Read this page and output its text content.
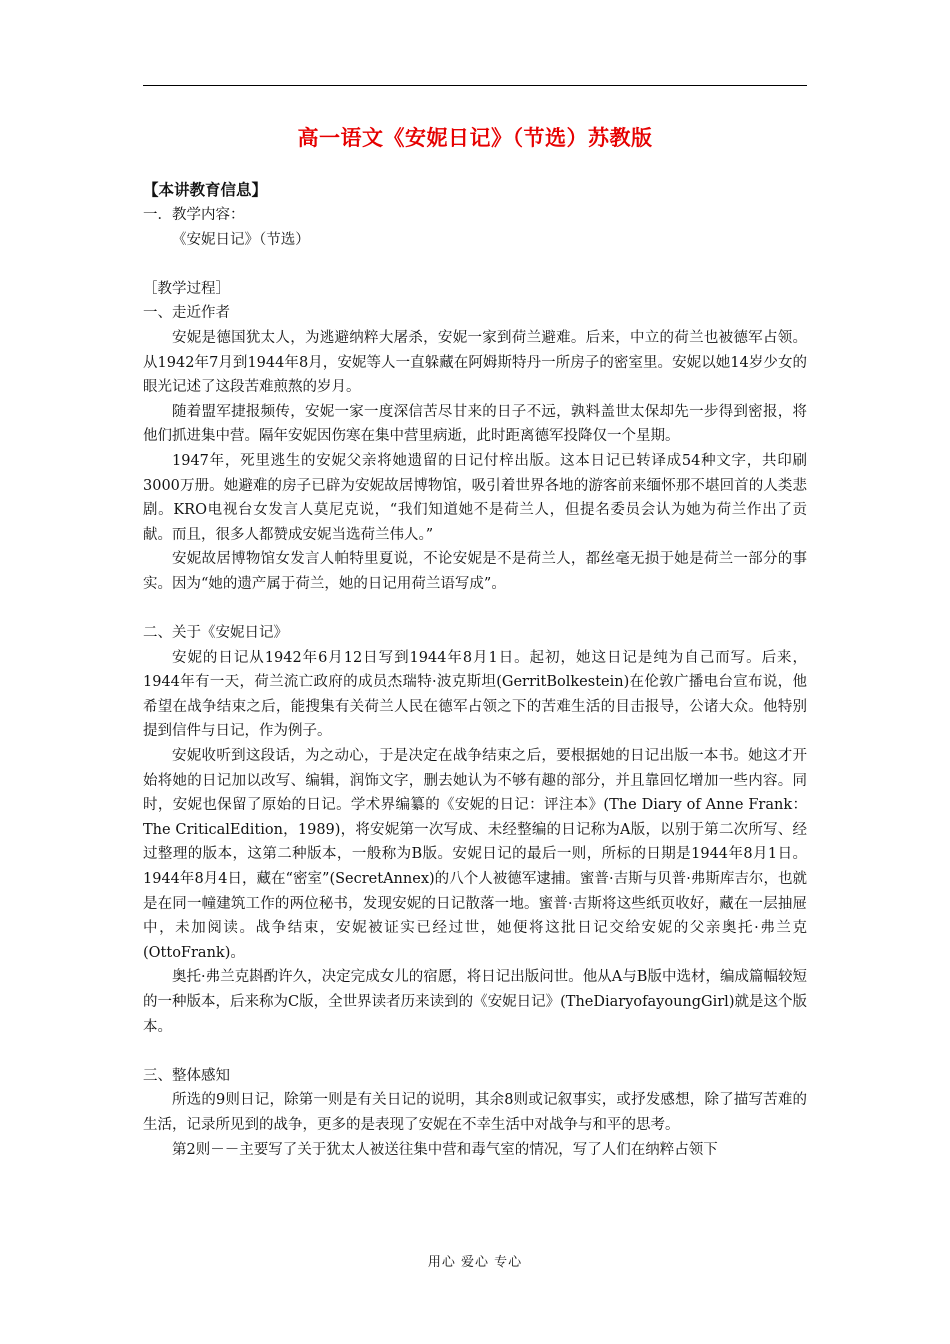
高一语文《安妮日记》（节选）苏教版

【本讲教育信息】

一．教学内容：

《安妮日记》（节选）

［教学过程］

一、走近作者

安妮是德国犹太人，为逃避纳粹大屠杀，安妮一家到荷兰避难。后来，中立的荷兰也被德军占领。从1942年7月到1944年8月，安妮等人一直躲藏在阿姆斯特丹一所房子的密室里。安妮以她14岁少女的眼光记述了这段苦难煎熬的岁月。

随着盟军捷报频传，安妮一家一度深信苦尽甘来的日子不远，孰料盖世太保却先一步得到密报，将他们抓进集中营。隔年安妮因伤寒在集中营里病逝，此时距离德军投降仅一个星期。

1947年，死里逃生的安妮父亲将她遗留的日记付梓出版。这本日记已转译成54种文字，共印刷3000万册。她避难的房子已辟为安妮故居博物馆，吸引着世界各地的游客前来缅怀那不堪回首的人类悲剧。KRO电视台女发言人莫尼克说，“我们知道她不是荷兰人，但提名委员会认为她为荷兰作出了贡献。而且，很多人都赞成安妮当选荷兰伟人。”

安妮故居博物馆女发言人帕特里夏说，不论安妮是不是荷兰人，都丝毫无损于她是荷兰一部分的事实。因为“她的遗产属于荷兰，她的日记用荷兰语写成”。

二、关于《安妮日记》

安妮的日记从1942年6月12日写到1944年8月1日。起初，她这日记是纯为自己而写。后来，1944年有一天，荷兰流亡政府的成员杰瑞特·波克斯坦(GerritBolkestein)在伦敦广播电台宣布说，他希望在战争结束之后，能搜集有关荷兰人民在德军占领之下的苦难生活的目击报导，公诸大众。他特别提到信件与日记，作为例子。

安妮收听到这段话，为之动心，于是决定在战争结束之后，要根据她的日记出版一本书。她这才开始将她的日记加以改写、编辑，润饰文字，删去她认为不够有趣的部分，并且靠回忆增加一些内容。同时，安妮也保留了原始的日记。学术界编纂的《安妮的日记：评注本》(The Diary of Anne Frank：The CriticalEdition，1989)，将安妮第一次写成、未经整编的日记称为A版，以别于第二次所写、经过整理的版本，这第二种版本，一般称为B版。安妮日记的最后一则，所标的日期是1944年8月1日。1944年8月4日，藏在“密室”(SecretAnnex)的八个人被德军逮捕。蜜普·吉斯与贝普·弗斯库吉尔，也就是在同一幢建筑工作的两位秘书，发现安妮的日记散落一地。蜜普·吉斯将这些纸页收好，藏在一层抽屉中，未加阅读。战争结束，安妮被证实已经过世，她便将这批日记交给安妮的父亲奥托·弗兰克(OttoFrank)。

奥托·弗兰克斟酌许久，决定完成女儿的宿愿，将日记出版问世。他从A与B版中选材，编成篇幅较短的一种版本，后来称为C版，全世界读者历来读到的《安妮日记》(TheDiaryofayoungGirl)就是这个版本。

三、整体感知

所选的9则日记，除第一则是有关日记的说明，其余8则或记叙事实，或抒发感想，除了描写苦难的生活，记录所见到的战争，更多的是表现了安妮在不幸生活中对战争与和平的思考。

第2则－－主要写了关于犹太人被送往集中营和毒气室的情况，写了人们在纳粹占领下

用心 爱心 专心
